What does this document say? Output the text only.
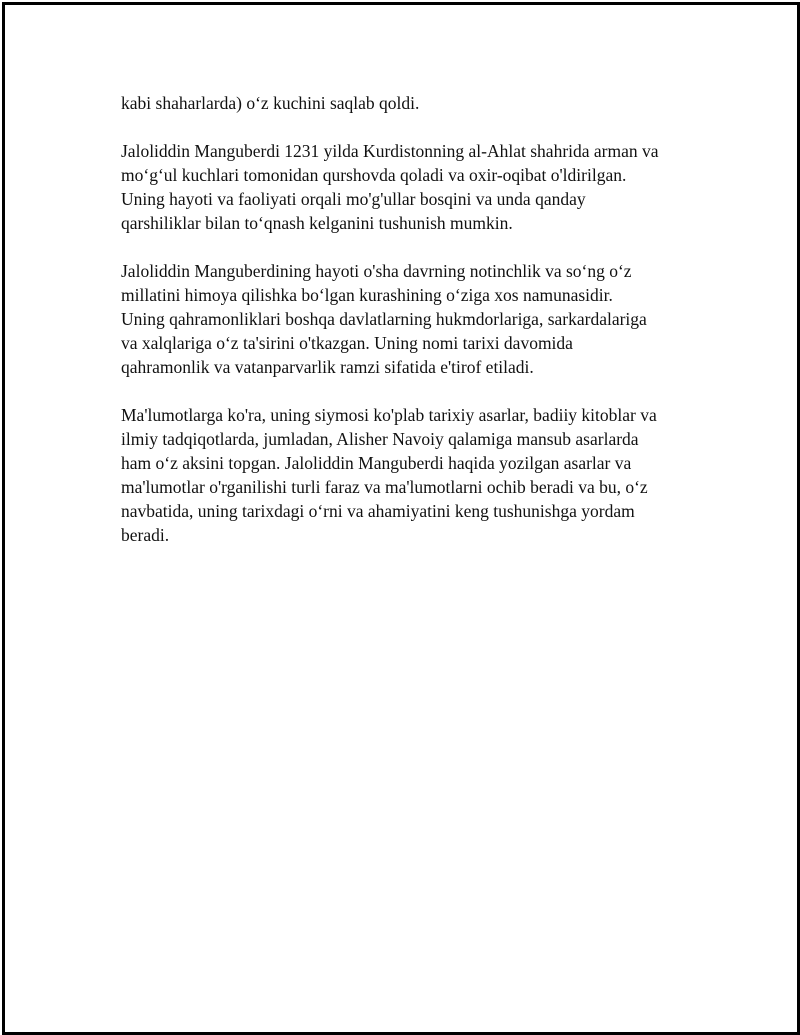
kabi shaharlarda) o‘z kuchini saqlab qoldi.

Jaloliddin Manguberdi 1231 yilda Kurdistonning al-Ahlat shahrida arman va
mo‘g‘ul kuchlari tomonidan qurshovda qoladi va oxir-oqibat o'ldirilgan.
Uning hayoti va faoliyati orqali mo'g'ullar bosqini va unda qanday
qarshiliklar bilan to‘qnash kelganini tushunish mumkin.

Jaloliddin Manguberdining hayoti o'sha davrning notinchlik va so‘ng o‘z
millatini himoya qilishka bo‘lgan kurashining o‘ziga xos namunasidir.
Uning qahramonliklari boshqa davlatlarning hukmdorlariga, sarkardalariga
va xalqlariga o‘z ta'sirini o'tkazgan. Uning nomi tarixi davomida
qahramonlik va vatanparvarlik ramzi sifatida e'tirof etiladi.

Ma'lumotlarga ko'ra, uning siymosi ko'plab tarixiy asarlar, badiiy kitoblar va
ilmiy tadqiqotlarda, jumladan, Alisher Navoiy qalamiga mansub asarlarda
ham o‘z aksini topgan. Jaloliddin Manguberdi haqida yozilgan asarlar va
ma'lumotlar o'rganilishi turli faraz va ma'lumotlarni ochib beradi va bu, o‘z
navbatida, uning tarixdagi o‘rni va ahamiyatini keng tushunishga yordam
beradi.
